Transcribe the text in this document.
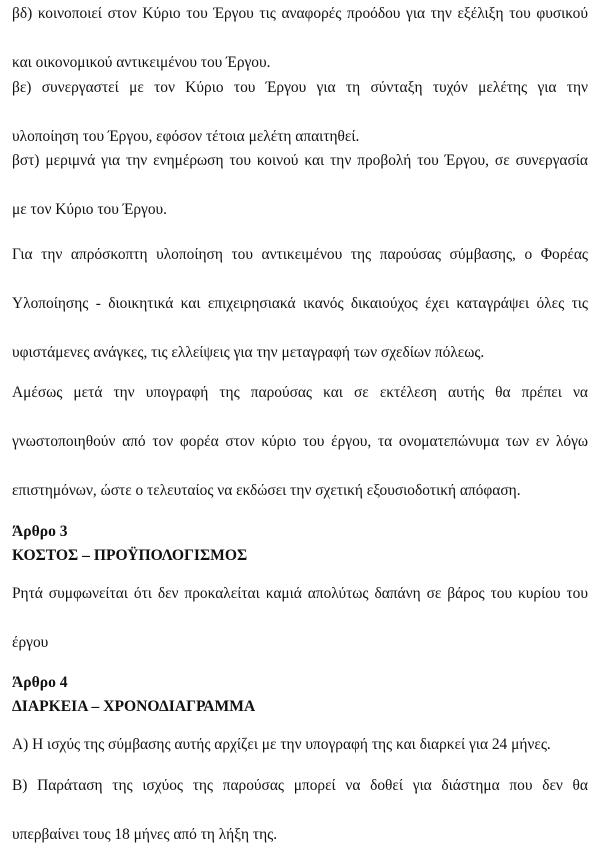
βδ) κοινοποιεί στον Κύριο του Έργου τις αναφορές προόδου για την εξέλιξη του φυσικού

και οικονομικού αντικειμένου του Έργου.

βε) συνεργαστεί με τον Κύριο του Έργου για τη σύνταξη τυχόν μελέτης για την

υλοποίηση του Έργου, εφόσον τέτοια μελέτη απαιτηθεί.

βστ) μεριμνά για την ενημέρωση του κοινού και την προβολή του Έργου, σε συνεργασία

με τον Κύριο του Έργου.

Για την απρόσκοπτη υλοποίηση του αντικειμένου της παρούσας σύμβασης, ο Φορέας

Υλοποίησης - διοικητικά και επιχειρησιακά ικανός δικαιούχος έχει καταγράψει όλες τις

υφιστάμενες ανάγκες, τις ελλείψεις για την μεταγραφή των σχεδίων πόλεως.

Αμέσως μετά την υπογραφή της παρούσας και σε εκτέλεση αυτής θα πρέπει να

γνωστοποιηθούν από τον φορέα στον κύριο του έργου, τα ονοματεπώνυμα των εν λόγω

επιστημόνων, ώστε ο τελευταίος να εκδώσει την σχετική εξουσιοδοτική απόφαση.

Άρθρο 3
ΚΟΣΤΟΣ – ΠΡΟΫΠΟΛΟΓΙΣΜΟΣ

Ρητά συμφωνείται ότι δεν προκαλείται καμιά απολύτως δαπάνη σε βάρος του κυρίου του

έργου

Άρθρο 4
ΔΙΑΡΚΕΙΑ – ΧΡΟΝΟΔΙΑΓΡΑΜΜΑ

Α) Η ισχύς της σύμβασης αυτής αρχίζει με την υπογραφή της και διαρκεί για 24 μήνες.

Β) Παράταση της ισχύος της παρούσας μπορεί να δοθεί για διάστημα που δεν θα

υπερβαίνει τους 18 μήνες από τη λήξη της.
